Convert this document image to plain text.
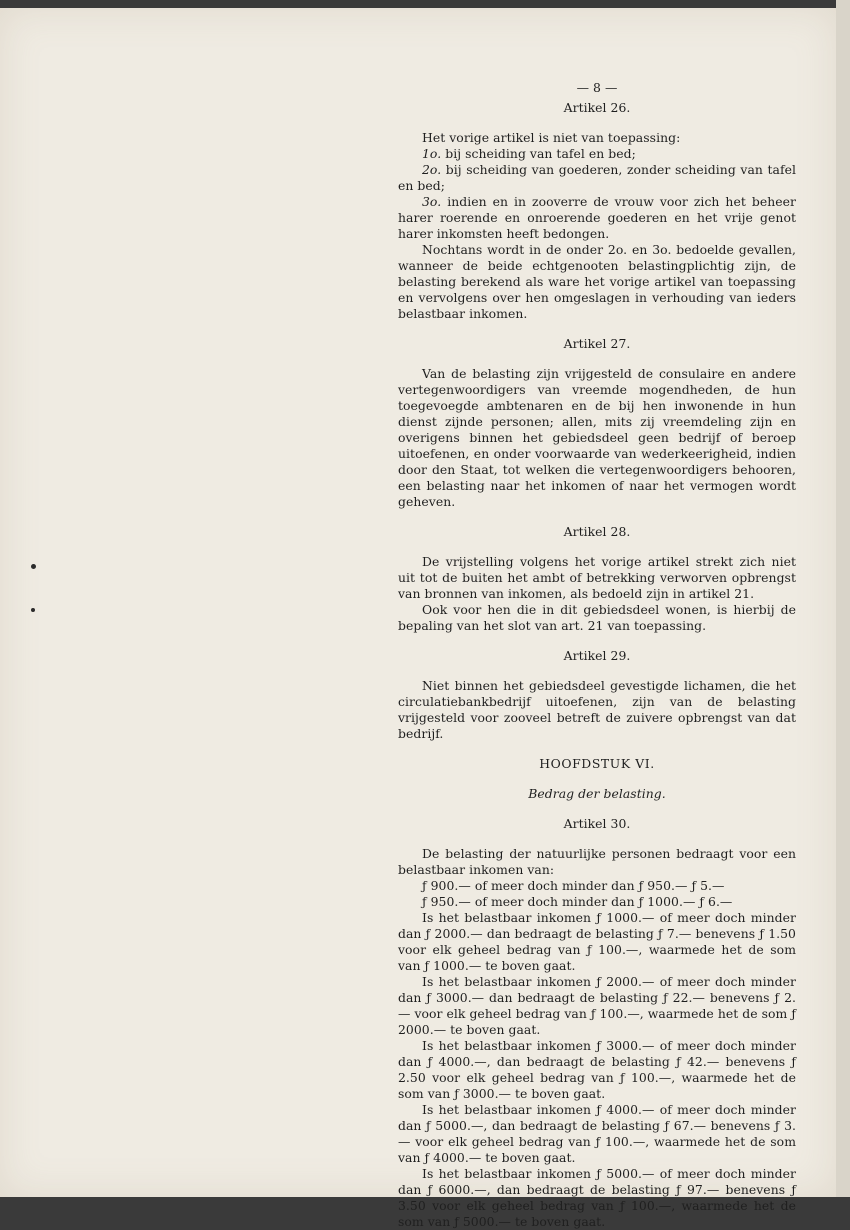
— 8 —
Artikel 26.
Het vorige artikel is niet van toepassing:
1o. bij scheiding van tafel en bed;
2o. bij scheiding van goederen, zonder scheiding van tafel en bed;
3o. indien en in zooverre de vrouw voor zich het beheer harer roerende en onroerende goederen en het vrije genot harer inkomsten heeft bedongen.
Nochtans wordt in de onder 2o. en 3o. bedoelde gevallen, wanneer de beide echtgenooten belastingplichtig zijn, de belasting berekend als ware het vorige artikel van toepassing en vervolgens over hen omgeslagen in verhouding van ieders belastbaar inkomen.
Artikel 27.
Van de belasting zijn vrijgesteld de consulaire en andere vertegenwoordigers van vreemde mogendheden, de hun toegevoegde ambtenaren en de bij hen inwonende in hun dienst zijnde personen; allen, mits zij vreemdeling zijn en overigens binnen het gebiedsdeel geen bedrijf of beroep uitoefenen, en onder voorwaarde van wederkeerigheid, indien door den Staat, tot welken die vertegenwoordigers behooren, een belasting naar het inkomen of naar het vermogen wordt geheven.
Artikel 28.
De vrijstelling volgens het vorige artikel strekt zich niet uit tot de buiten het ambt of betrekking verworven opbrengst van bronnen van inkomen, als bedoeld zijn in artikel 21.
Ook voor hen die in dit gebiedsdeel wonen, is hierbij de bepaling van het slot van art. 21 van toepassing.
Artikel 29.
Niet binnen het gebiedsdeel gevestigde lichamen, die het circulatiebankbedrijf uitoefenen, zijn van de belasting vrijgesteld voor zooveel betreft de zuivere opbrengst van dat bedrijf.
HOOFDSTUK VI.
Bedrag der belasting.
Artikel 30.
De belasting der natuurlijke personen bedraagt voor een belastbaar inkomen van:
ƒ 900.— of meer doch minder dan ƒ 950.— ƒ 5.—
ƒ 950.— of meer doch minder dan ƒ 1000.— ƒ 6.—
Is het belastbaar inkomen ƒ 1000.— of meer doch minder dan ƒ 2000.— dan bedraagt de belasting ƒ 7.— benevens ƒ 1.50 voor elk geheel bedrag van ƒ 100.—, waarmede het de som van ƒ 1000.— te boven gaat.
Is het belastbaar inkomen ƒ 2000.— of meer doch minder dan ƒ 3000.— dan bedraagt de belasting ƒ 22.— benevens ƒ 2.— voor elk geheel bedrag van ƒ 100.—, waarmede het de som ƒ 2000.— te boven gaat.
Is het belastbaar inkomen ƒ 3000.— of meer doch minder dan ƒ 4000.—, dan bedraagt de belasting ƒ 42.— benevens ƒ 2.50 voor elk geheel bedrag van ƒ 100.—, waarmede het de som van ƒ 3000.— te boven gaat.
Is het belastbaar inkomen ƒ 4000.— of meer doch minder dan ƒ 5000.—, dan bedraagt de belasting ƒ 67.— benevens ƒ 3.— voor elk geheel bedrag van ƒ 100.—, waarmede het de som van ƒ 4000.— te boven gaat.
Is het belastbaar inkomen ƒ 5000.— of meer doch minder dan ƒ 6000.—, dan bedraagt de belasting ƒ 97.— benevens ƒ 3.50 voor elk geheel bedrag van ƒ 100.—, waarmede het de som van ƒ 5000.— te boven gaat.
